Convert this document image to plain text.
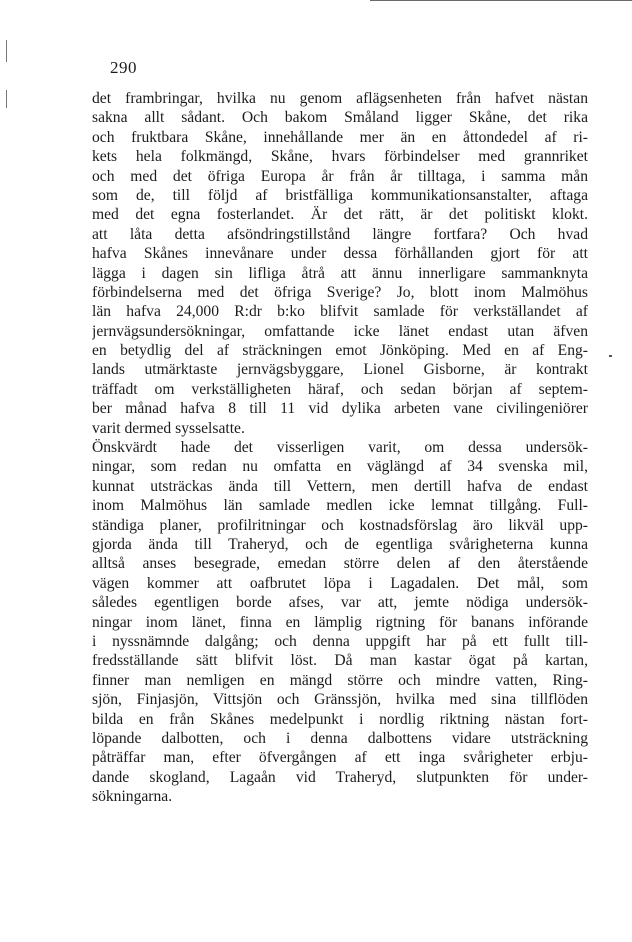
290
det frambringar, hvilka nu genom aflägsenheten från hafvet nästan
sakna allt sådant. Och bakom Småland ligger Skåne, det rika
och fruktbara Skåne, innehållande mer än en åttondedel af ri-
kets hela folkmängd, Skåne, hvars förbindelser med grannriket
och med det öfriga Europa år från år tilltaga, i samma mån
som de, till följd af bristfälliga kommunikationsanstalter, aftaga
med det egna fosterlandet. Är det rätt, är det politiskt klokt.
att låta detta afsöndringstillstånd längre fortfara? Och hvad
hafva Skånes innevånare under dessa förhållanden gjort för att
lägga i dagen sin lifliga åtrå att ännu innerligare sammanknyta
förbindelserna med det öfriga Sverige? Jo, blott inom Malmöhus
län hafva 24,000 R:dr b:ko blifvit samlade för verkställandet af
jernvägsundersökningar, omfattande icke länet endast utan äfven
en betydlig del af sträckningen emot Jönköping. Med en af Eng-
lands utmärktaste jernvägsbyggare, Lionel Gisborne, är kontrakt
träffadt om verkställigheten häraf, och sedan början af septem-
ber månad hafva 8 till 11 vid dylika arbeten vane civilingeniörer
varit dermed sysselsatte.
Önskvärdt hade det visserligen varit, om dessa undersök-
ningar, som redan nu omfatta en väglängd af 34 svenska mil,
kunnat utsträckas ända till Vettern, men dertill hafva de endast
inom Malmöhus län samlade medlen icke lemnat tillgång. Full-
ständiga planer, profilritningar och kostnadsförslag äro likväl upp-
gjorda ända till Traheryd, och de egentliga svårigheterna kunna
alltså anses besegrade, emedan större delen af den återstående
vägen kommer att oafbrutet löpa i Lagadalen. Det mål, som
således egentligen borde afses, var att, jemte nödiga undersök-
ningar inom länet, finna en lämplig rigtning för banans införande
i nyssnämnde dalgång; och denna uppgift har på ett fullt till-
fredsställande sätt blifvit löst. Då man kastar ögat på kartan,
finner man nemligen en mängd större och mindre vatten, Ring-
sjön, Finjasjön, Vittsjön och Gränssjön, hvilka med sina tillflöden
bilda en från Skånes medelpunkt i nordlig riktning nästan fort-
löpande dalbotten, och i denna dalbottens vidare utsträckning
påträffar man, efter öfvergången af ett inga svårigheter erbju-
dande skogland, Lagaån vid Traheryd, slutpunkten för under-
sökningarna.
